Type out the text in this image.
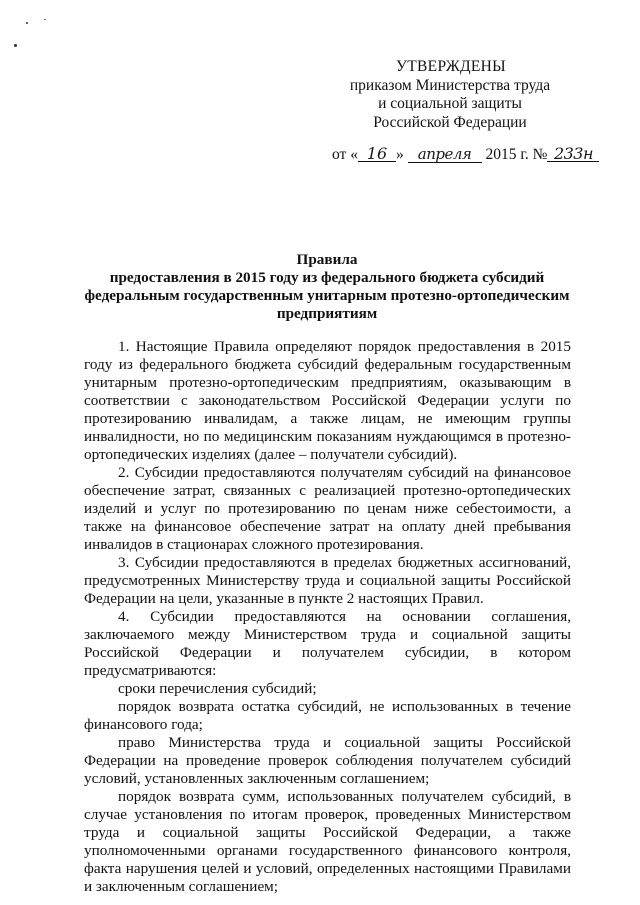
УТВЕРЖДЕНЫ
приказом Министерства труда
и социальной защиты
Российской Федерации
от « 16 » апреля 2015 г. № 233н
Правила
предоставления в 2015 году из федерального бюджета субсидий
федеральным государственным унитарным протезно-ортопедическим
предприятиям

1. Настоящие Правила определяют порядок предоставления в 2015 году из федерального бюджета субсидий федеральным государственным унитарным протезно-ортопедическим предприятиям, оказывающим в соответствии с законодательством Российской Федерации услуги по протезированию инвалидам, а также лицам, не имеющим группы инвалидности, но по медицинским показаниям нуждающимся в протезно-ортопедических изделиях (далее – получатели субсидий).

2. Субсидии предоставляются получателям субсидий на финансовое обеспечение затрат, связанных с реализацией протезно-ортопедических изделий и услуг по протезированию по ценам ниже себестоимости, а также на финансовое обеспечение затрат на оплату дней пребывания инвалидов в стационарах сложного протезирования.

3. Субсидии предоставляются в пределах бюджетных ассигнований, предусмотренных Министерству труда и социальной защиты Российской Федерации на цели, указанные в пункте 2 настоящих Правил.

4. Субсидии предоставляются на основании соглашения, заключаемого между Министерством труда и социальной защиты Российской Федерации и получателем субсидии, в котором предусматриваются:

сроки перечисления субсидий;

порядок возврата остатка субсидий, не использованных в течение финансового года;

право Министерства труда и социальной защиты Российской Федерации на проведение проверок соблюдения получателем субсидий условий, установленных заключенным соглашением;

порядок возврата сумм, использованных получателем субсидий, в случае установления по итогам проверок, проведенных Министерством труда и социальной защиты Российской Федерации, а также уполномоченными органами государственного финансового контроля, факта нарушения целей и условий, определенных настоящими Правилами и заключенным соглашением;
